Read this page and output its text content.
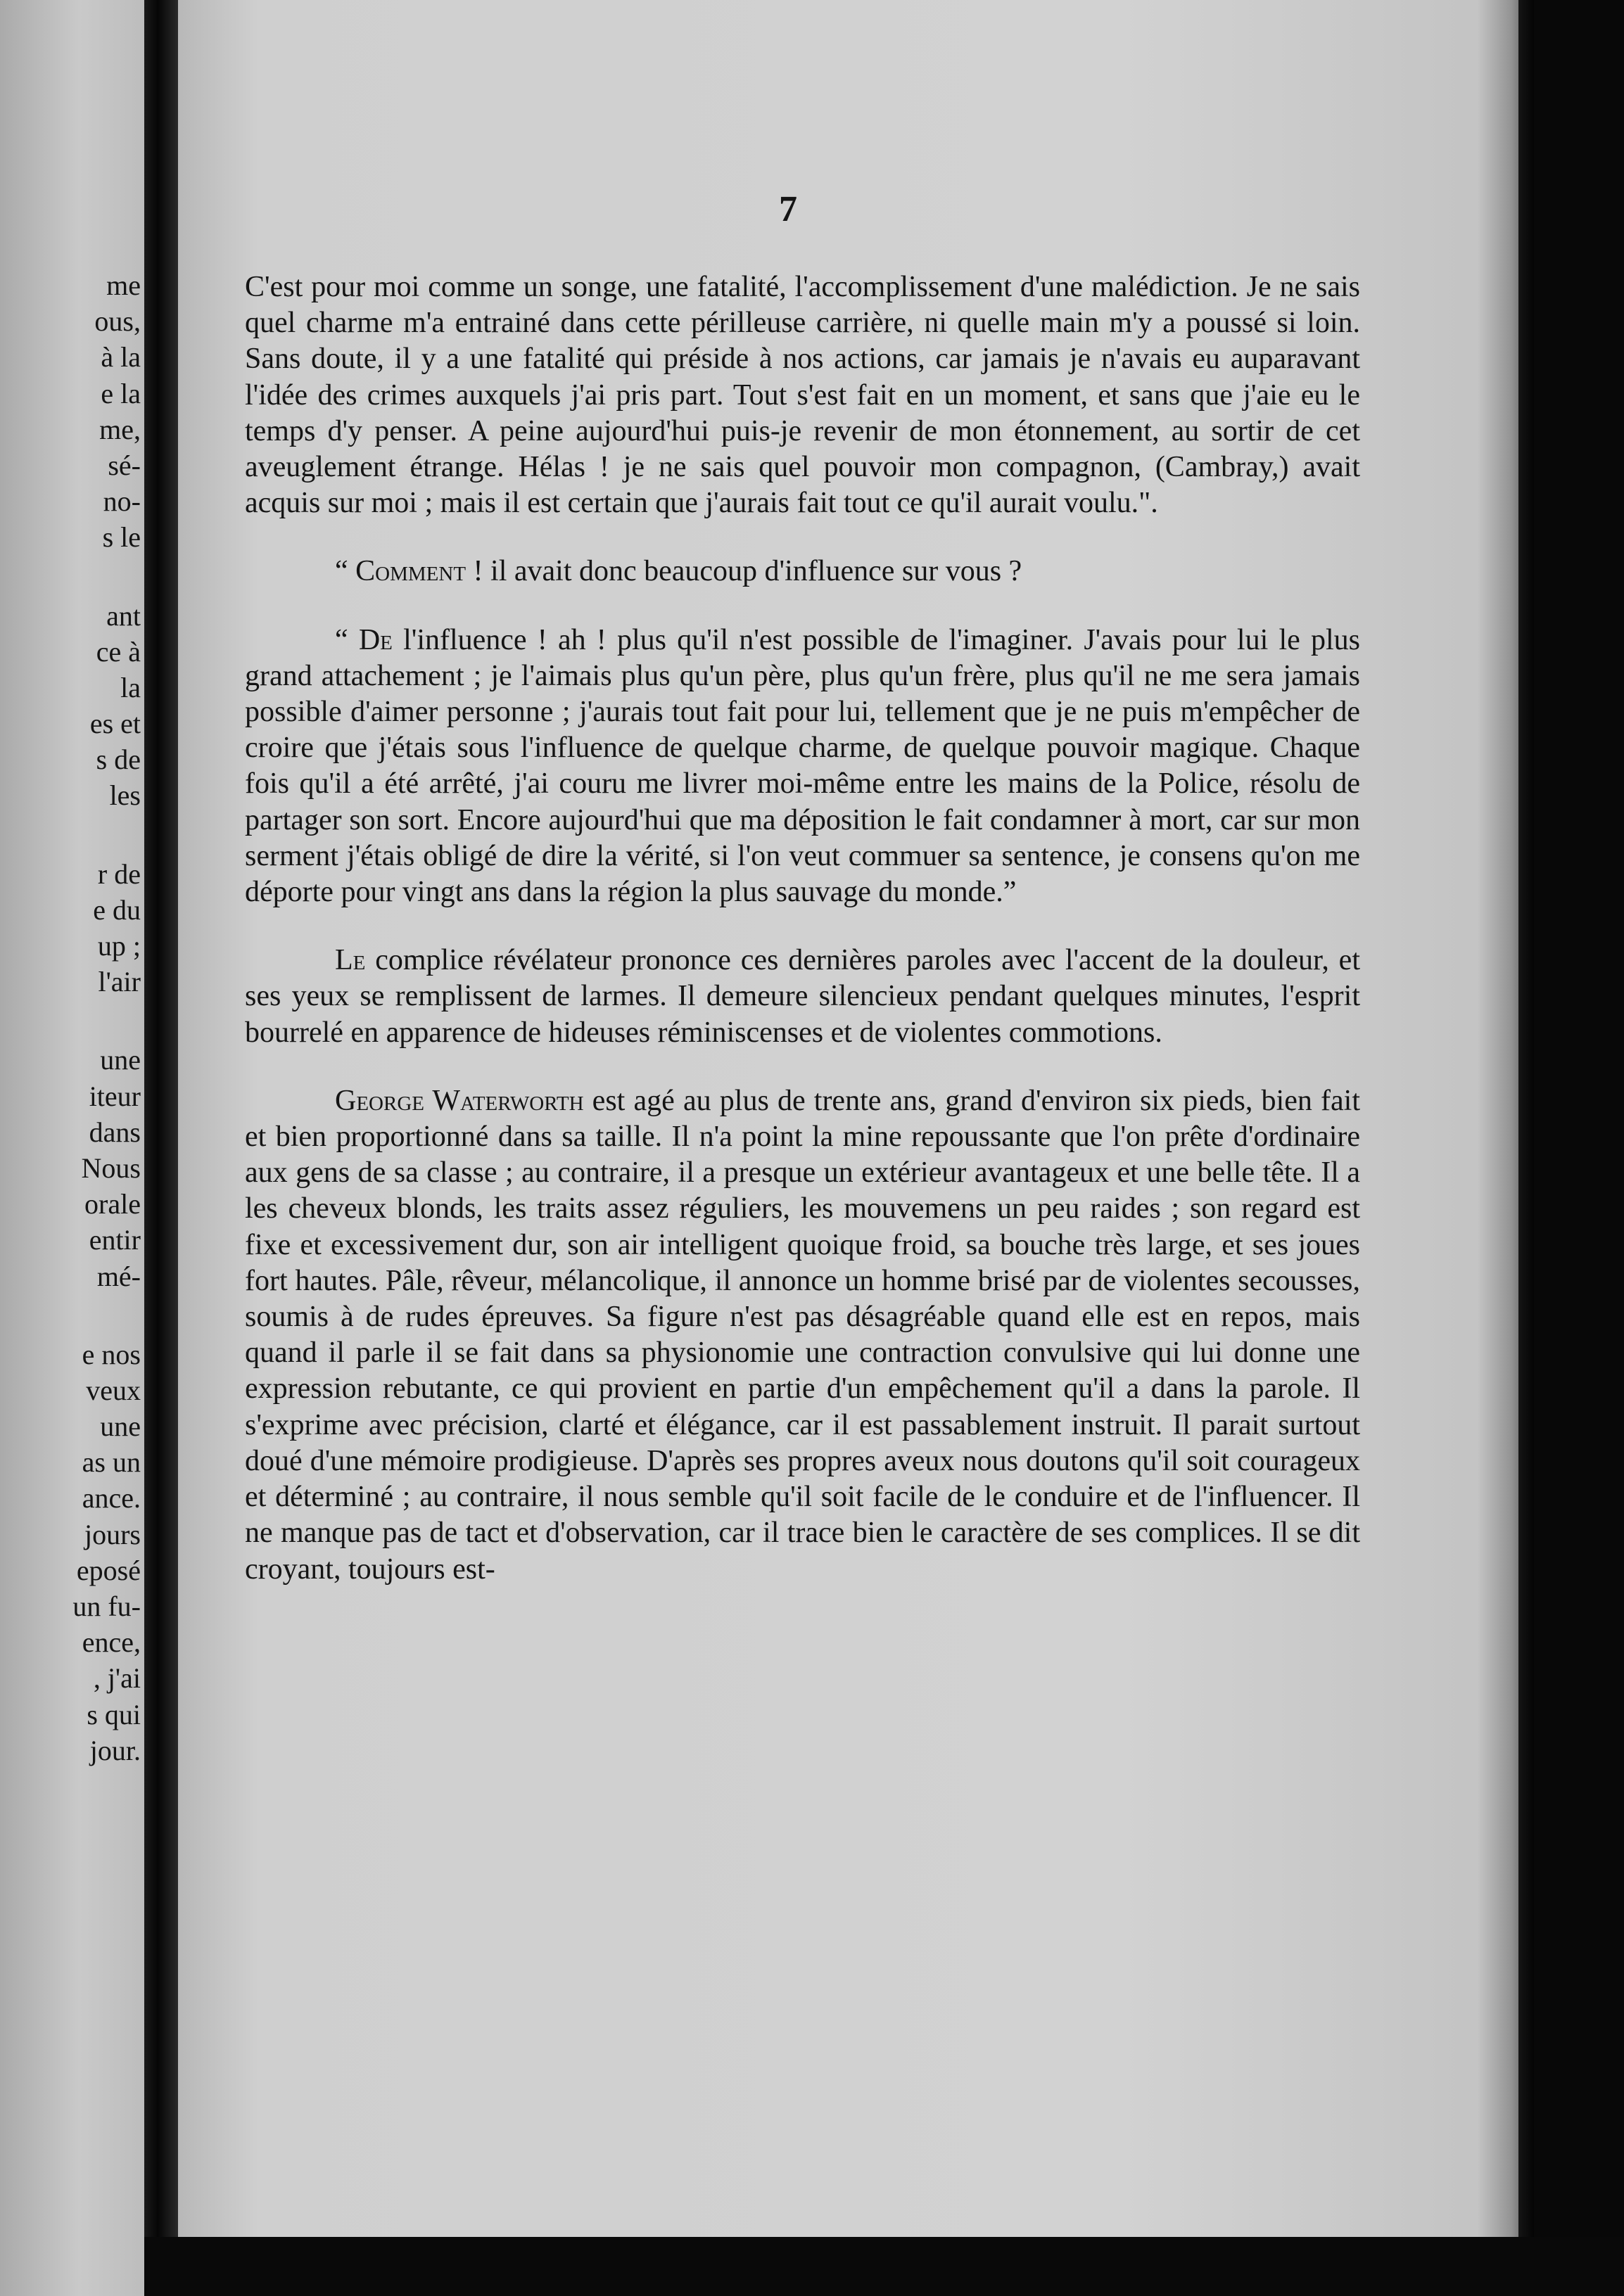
me
ous,
à la
e la
me,
sé-
no-
s le
ant
ce à
la
es et
s de
les
r de
e du
up ;
l'air
une
iteur
dans
Nous
orale
entir
mé-
e nos
veux
une
as un
ance.
jours
eposé
un fu-
ence,
, j'ai
s qui
jour.
7

C'est pour moi comme un songe, une fatalité, l'accomplissement d'une malédiction. Je ne sais quel charme m'a entrainé dans cette périlleuse carrière, ni quelle main m'y a poussé si loin. Sans doute, il y a une fatalité qui préside à nos actions, car jamais je n'avais eu auparavant l'idée des crimes auxquels j'ai pris part. Tout s'est fait en un moment, et sans que j'aie eu le temps d'y penser. A peine aujourd'hui puis-je revenir de mon étonnement, au sortir de cet aveuglement étrange. Hélas ! je ne sais quel pouvoir mon compagnon, (Cambray,) avait acquis sur moi ; mais il est certain que j'aurais fait tout ce qu'il aurait voulu.".

“ Comment ! il avait donc beaucoup d'influence sur vous ?

“ De l'influence ! ah ! plus qu'il n'est possible de l'imaginer. J'avais pour lui le plus grand attachement ; je l'aimais plus qu'un père, plus qu'un frère, plus qu'il ne me sera jamais possible d'aimer personne ; j'aurais tout fait pour lui, tellement que je ne puis m'empêcher de croire que j'étais sous l'influence de quelque charme, de quelque pouvoir magique. Chaque fois qu'il a été arrêté, j'ai couru me livrer moi-même entre les mains de la Police, résolu de partager son sort. Encore aujourd'hui que ma déposition le fait condamner à mort, car sur mon serment j'étais obligé de dire la vérité, si l'on veut commuer sa sentence, je consens qu'on me déporte pour vingt ans dans la région la plus sauvage du monde.”

Le complice révélateur prononce ces dernières paroles avec l'accent de la douleur, et ses yeux se remplissent de larmes. Il demeure silencieux pendant quelques minutes, l'esprit bourrelé en apparence de hideuses réminiscenses et de violentes commotions.

George Waterworth est agé au plus de trente ans, grand d'environ six pieds, bien fait et bien proportionné dans sa taille. Il n'a point la mine repoussante que l'on prête d'ordinaire aux gens de sa classe ; au contraire, il a presque un extérieur avantageux et une belle tête. Il a les cheveux blonds, les traits assez réguliers, les mouvemens un peu raides ; son regard est fixe et excessivement dur, son air intelligent quoique froid, sa bouche très large, et ses joues fort hautes. Pâle, rêveur, mélancolique, il annonce un homme brisé par de violentes secousses, soumis à de rudes épreuves. Sa figure n'est pas désagréable quand elle est en repos, mais quand il parle il se fait dans sa physionomie une contraction convulsive qui lui donne une expression rebutante, ce qui provient en partie d'un empêchement qu'il a dans la parole. Il s'exprime avec précision, clarté et élégance, car il est passablement instruit. Il parait surtout doué d'une mémoire prodigieuse. D'après ses propres aveux nous doutons qu'il soit courageux et déterminé ; au contraire, il nous semble qu'il soit facile de le conduire et de l'influencer. Il ne manque pas de tact et d'observation, car il trace bien le caractère de ses complices. Il se dit croyant, toujours est-
